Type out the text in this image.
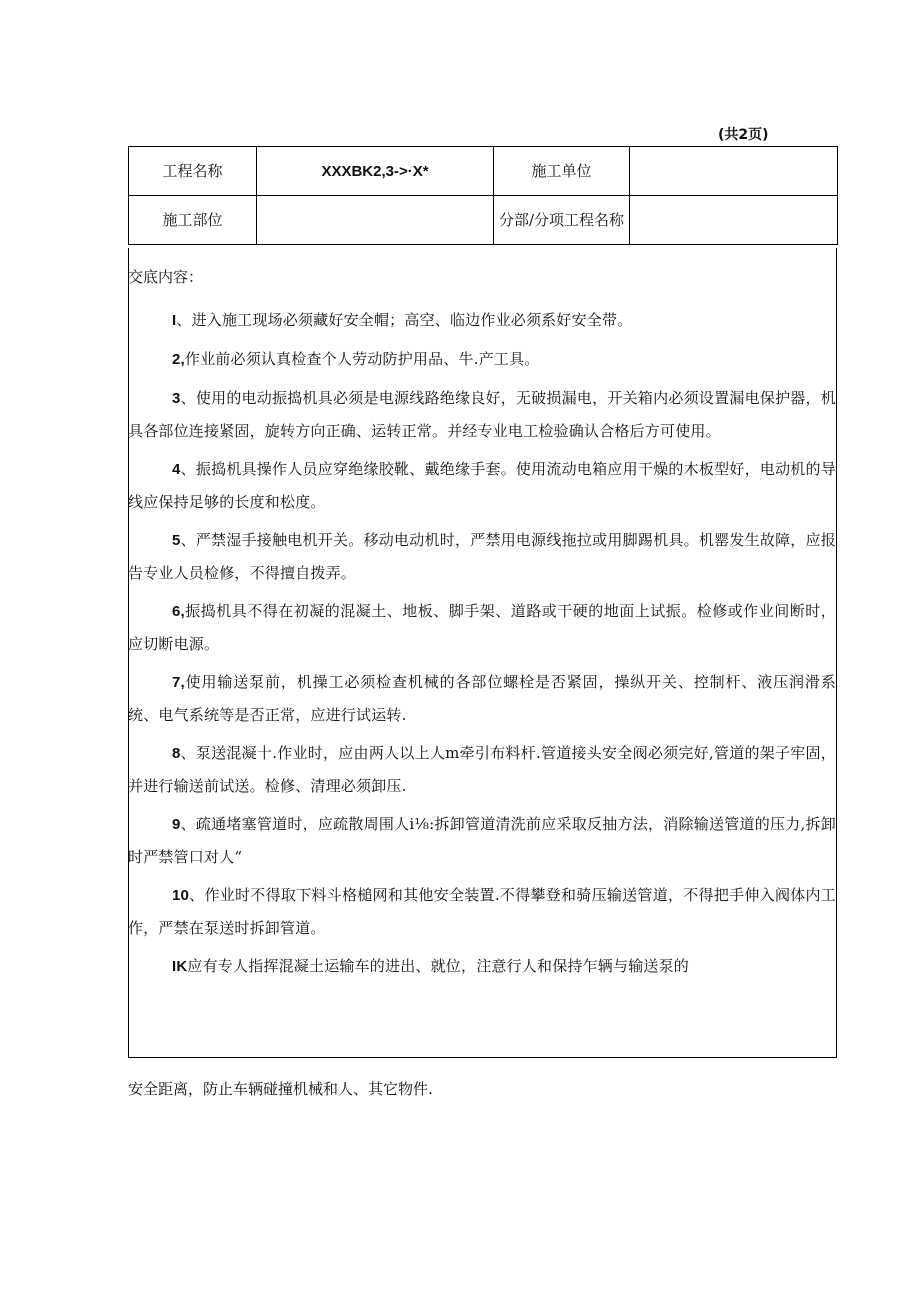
(共2页)
工程名称	XXXBK2,3->·X*	施工单位	
施工部位		分部/分项工程名称	
交底内容：

I、进入施工现场必须藏好安全帽；高空、临边作业必须系好安全带。

2,作业前必须认真检查个人劳动防护用品、牛.产工具。

3、使用的电动振捣机具必须是电源线路绝缘良好，无破损漏电，开关箱内必须设置漏电保护器，机具各部位连接紧固，旋转方向正确、运转正常。并经专业电工检验确认合格后方可使用。

4、振捣机具操作人员应穿绝缘胶靴、戴绝缘手套。使用流动电箱应用干燥的木板型好，电动机的导线应保持足够的长度和松度。

5、严禁湿手接触电机开关。移动电动机时，严禁用电源线拖拉或用脚踢机具。机罂发生故障，应报告专业人员检修，不得擅自拨弄。

6,振捣机具不得在初凝的混凝土、地板、脚手架、道路或干硬的地面上试振。检修或作业间断时，应切断电源。

7,使用输送泵前，机操工必须检查机械的各部位螺栓是否紧固，操纵开关、控制杆、液压润滑系统、电气系统等是否正常，应进行试运转.

8、泵送混凝十.作业时，应由两人以上人m牵引布料杆.管道接头安全阀必须完好,管道的架子牢固，并进行输送前试送。检修、清理必须卸压.

9、疏通堵塞管道时，应疏散周围人i⅛:拆卸管道清洗前应采取反抽方法，消除输送管道的压力,拆卸时严禁管口对人“

10、作业时不得取下料斗格槌网和其他安全装置.不得攀登和骑压输送管道，不得把手伸入阀体内工作，严禁在泵送时拆卸管道。

IK应有专人指挥混凝土运输车的进出、就位，注意行人和保持乍辆与输送泵的

安全距离，防止车辆碰撞机械和人、其它物件.
